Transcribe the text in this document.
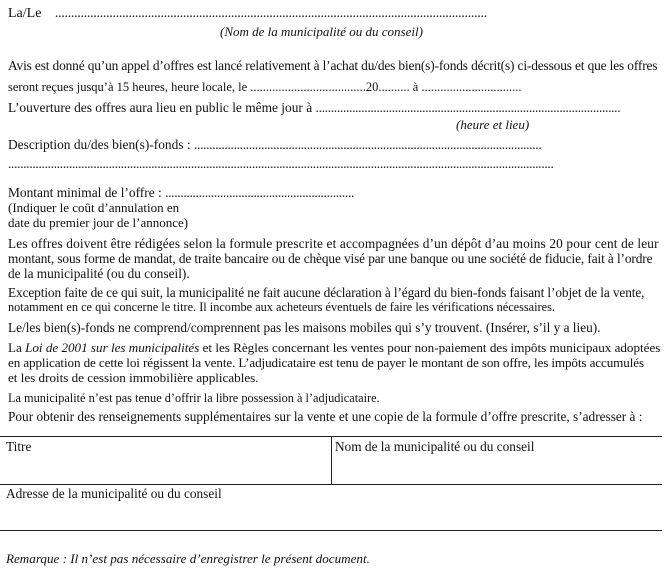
La/Le .......................................................................................................................................
(Nom de la municipalité ou du conseil)
Avis est donné qu’un appel d’offres est lancé relativement à l’achat du/des bien(s)-fonds décrit(s) ci-dessous et que les offres
seront reçues jusqu’à 15 heures, heure locale, le .....................................20.......... à ................................
L’ouverture des offres aura lieu en public le même jour à ....................................................................................................
(heure et lieu)
Description du/des bien(s)-fonds : ..................................................................................................................
...................................................................................................................................................................................
Montant minimal de l’offre : ..............................................................
(Indiquer le coût d’annulation en
date du premier jour de l’annonce)
Les offres doivent être rédigées selon la formule prescrite et accompagnées d’un dépôt d’au moins 20 pour cent de leur
montant, sous forme de mandat, de traite bancaire ou de chèque visé par une banque ou une société de fiducie, fait à l’ordre
de la municipalité (ou du conseil).
Exception faite de ce qui suit, la municipalité ne fait aucune déclaration à l’égard du bien-fonds faisant l’objet de la vente,
notamment en ce qui concerne le titre. Il incombe aux acheteurs éventuels de faire les vérifications nécessaires.
Le/les bien(s)-fonds ne comprend/comprennent pas les maisons mobiles qui s’y trouvent. (Insérer, s’il y a lieu).
La Loi de 2001 sur les municipalités et les Règles concernant les ventes pour non-paiement des impôts municipaux adoptées
en application de cette loi régissent la vente. L’adjudicataire est tenu de payer le montant de son offre, les impôts accumulés
et les droits de cession immobilière applicables.
La municipalité n’est pas tenue d’offrir la libre possession à l’adjudicataire.
Pour obtenir des renseignements supplémentaires sur la vente et une copie de la formule d’offre prescrite, s’adresser à :
Titre	Nom de la municipalité ou du conseil
Adresse de la municipalité ou du conseil
Remarque : Il n’est pas nécessaire d’enregistrer le présent document.
